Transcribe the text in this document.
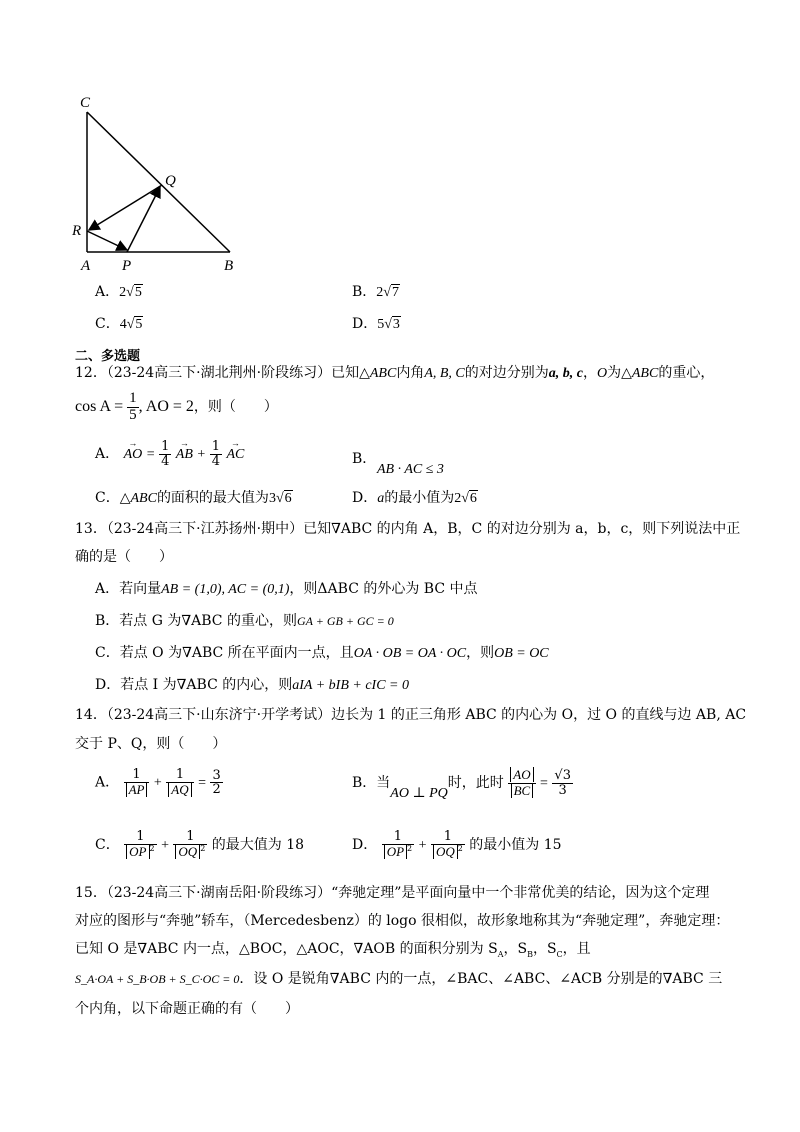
C
Q
R
A P	B
A．2√5	B．2√7
C．4√5	D．5√3
二、多选题
12．（23-24高三下·湖北荆州·阶段练习）已知△ABC内角A, B, C的对边分别为a, b, c，O为△ABC的重心，
$\cos A = \frac{1}{5}$ , AO = 2，则（　　）
A． → AO = $\frac{1}{4}$ → AB + $\frac{1}{4}$ → AC	B．
AB · AC ≤ 3
C．△ABC的面积的最大值为3√6	D．a的最小值为2√6
13．（23-24高三下·江苏扬州·期中）已知∇ABC 的内角 A，B，C 的对边分别为 a，b，c，则下列说法中正
确的是（　　）
A．若向量AB = (1,0), AC = (0,1)，则ΔABC 的外心为 BC 中点
B．若点 G 为∇ABC 的重心，则GA + GB + GC = 0
C．若点 O 为∇ABC 所在平面内一点，且OA · OB = OA · OC，则OB = OC
D．若点 I 为∇ABC 的内心，则aIA + bIB + cIC = 0
14．（23-24高三下·山东济宁·开学考试）边长为 1 的正三角形 ABC 的内心为 O，过 O 的直线与边 AB, AC
交于 P、Q，则（　　）
A． $\frac{1}{AP} + \frac{1}{AQ} = \frac{3}{2}$	B．当AO ⊥ PQ时，此时 $\frac{AO}{BC} = \frac{√3}{3}$
C． $\frac{1}{OP ^2} + \frac{1}{OQ ^2}$ 的最大值为 18	D． $\frac{1}{OP ^2} + \frac{1}{OQ ^2}$ 的最小值为 15
15．（23-24高三下·湖南岳阳·阶段练习）“奔驰定理”是平面向量中一个非常优美的结论，因为这个定理
对应的图形与“奔驰”轿车，（Mercedesbenz）的 logo 很相似，故形象地称其为“奔驰定理”，奔驰定理：
已知 O 是∇ABC 内一点，△BOC，△AOC，∇AOB 的面积分别为 $S_A$，$S_B$，$S_C$，且
S_A·OA + S_B·OB + S_C·OC = 0．设 O 是锐角∇ABC 内的一点，∠BAC、∠ABC、∠ACB 分别是的∇ABC 三
个内角，以下命题正确的有（　　）
